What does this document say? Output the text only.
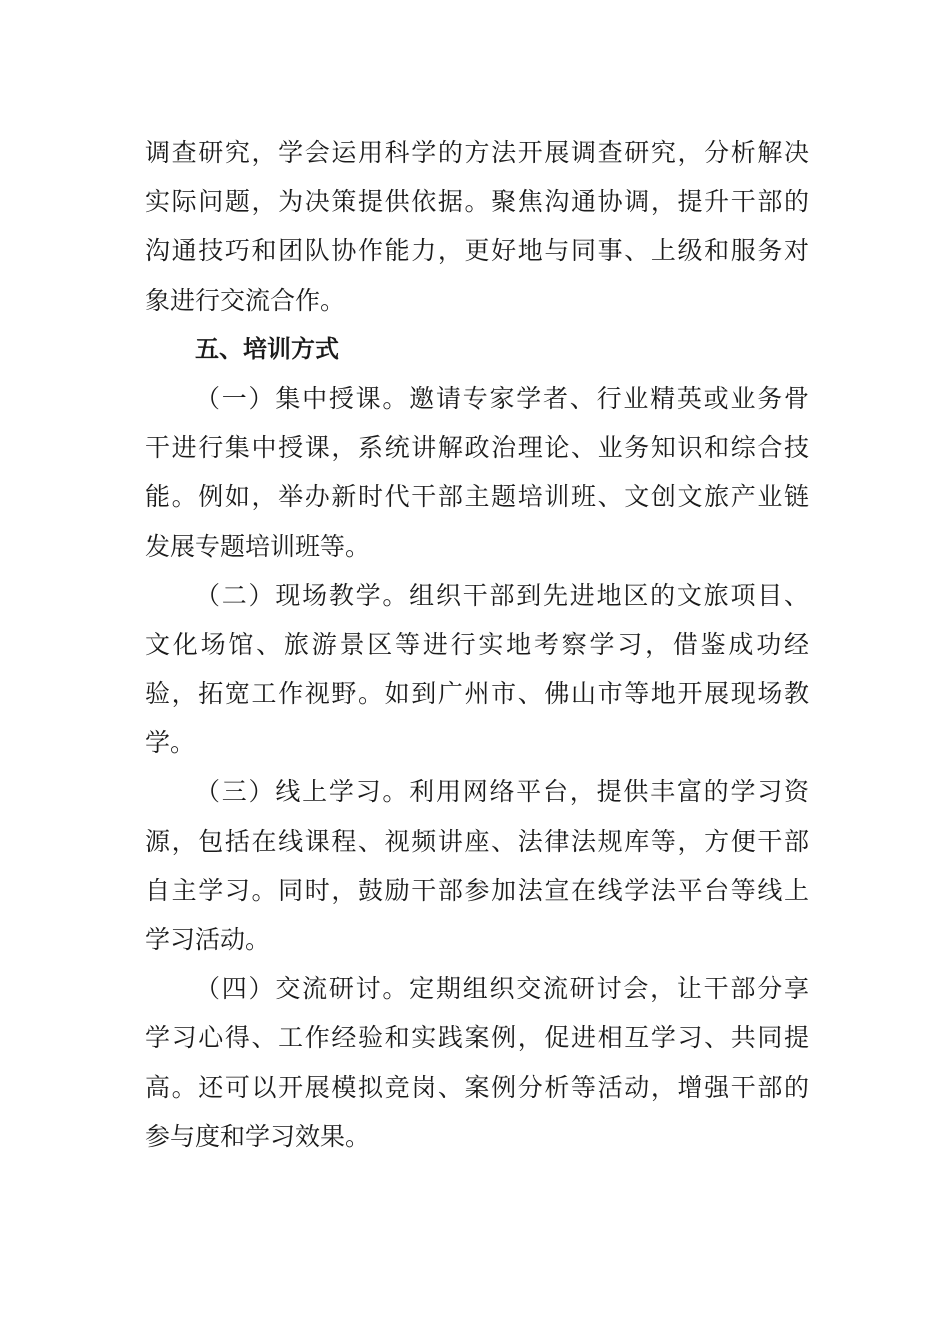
调查研究，学会运用科学的方法开展调查研究，分析解决
实际问题，为决策提供依据。聚焦沟通协调，提升干部的
沟通技巧和团队协作能力，更好地与同事、上级和服务对
象进行交流合作。
五、培训方式
（一）集中授课。邀请专家学者、行业精英或业务骨
干进行集中授课，系统讲解政治理论、业务知识和综合技
能。例如，举办新时代干部主题培训班、文创文旅产业链
发展专题培训班等。
（二）现场教学。组织干部到先进地区的文旅项目、
文化场馆、旅游景区等进行实地考察学习，借鉴成功经
验，拓宽工作视野。如到广州市、佛山市等地开展现场教
学。
（三）线上学习。利用网络平台，提供丰富的学习资
源，包括在线课程、视频讲座、法律法规库等，方便干部
自主学习。同时，鼓励干部参加法宣在线学法平台等线上
学习活动。
（四）交流研讨。定期组织交流研讨会，让干部分享
学习心得、工作经验和实践案例，促进相互学习、共同提
高。还可以开展模拟竞岗、案例分析等活动，增强干部的
参与度和学习效果。
